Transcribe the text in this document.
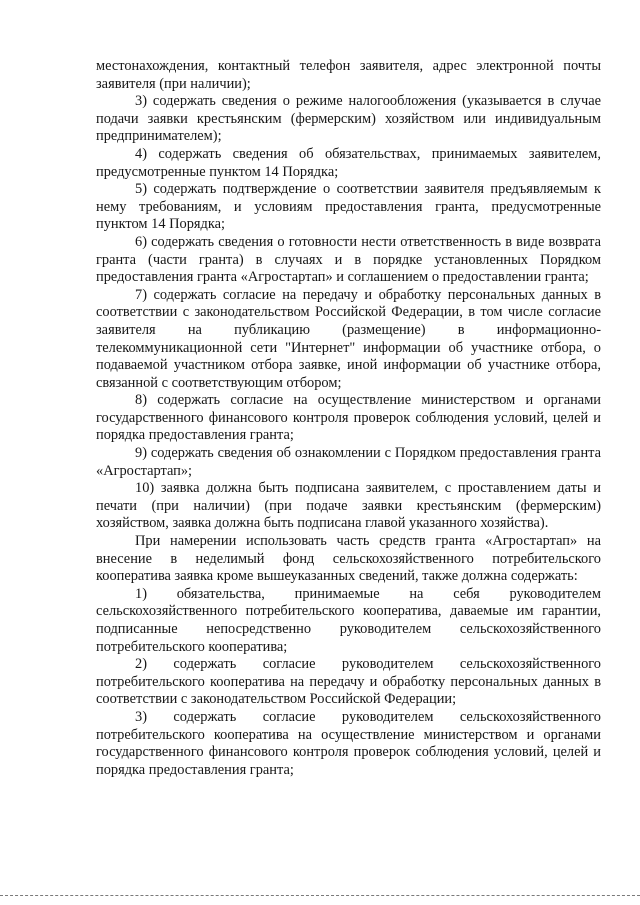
местонахождения, контактный телефон заявителя, адрес электронной почты заявителя (при наличии);

3) содержать сведения о режиме налогообложения (указывается в случае подачи заявки крестьянским (фермерским) хозяйством или индивидуальным предпринимателем);

4) содержать сведения об обязательствах, принимаемых заявителем, предусмотренные пунктом 14 Порядка;

5) содержать подтверждение о соответствии заявителя предъявляемым к нему требованиям, и условиям предоставления гранта, предусмотренные пунктом 14 Порядка;

6) содержать сведения о готовности нести ответственность в виде возврата гранта (части гранта) в случаях и в порядке установленных Порядком предоставления гранта «Агростартап» и соглашением о предоставлении гранта;

7) содержать согласие на передачу и обработку персональных данных в соответствии с законодательством Российской Федерации, в том числе согласие заявителя на публикацию (размещение) в информационно-телекоммуникационной сети "Интернет" информации об участнике отбора, о подаваемой участником отбора заявке, иной информации об участнике отбора, связанной с соответствующим отбором;

8) содержать согласие на осуществление министерством и органами государственного финансового контроля проверок соблюдения условий, целей и порядка предоставления гранта;

9) содержать сведения об ознакомлении с Порядком предоставления гранта «Агростартап»;

10) заявка должна быть подписана заявителем, с проставлением даты и печати (при наличии) (при подаче заявки крестьянским (фермерским) хозяйством, заявка должна быть подписана главой указанного хозяйства).

При намерении использовать часть средств гранта «Агростартап» на внесение в неделимый фонд сельскохозяйственного потребительского кооператива заявка кроме вышеуказанных сведений, также должна содержать:

1) обязательства, принимаемые на себя руководителем сельскохозяйственного потребительского кооператива, даваемые им гарантии, подписанные непосредственно руководителем сельскохозяйственного потребительского кооператива;

2) содержать согласие руководителем сельскохозяйственного потребительского кооператива на передачу и обработку персональных данных в соответствии с законодательством Российской Федерации;

3) содержать согласие руководителем сельскохозяйственного потребительского кооператива на осуществление министерством и органами государственного финансового контроля проверок соблюдения условий, целей и порядка предоставления гранта;
